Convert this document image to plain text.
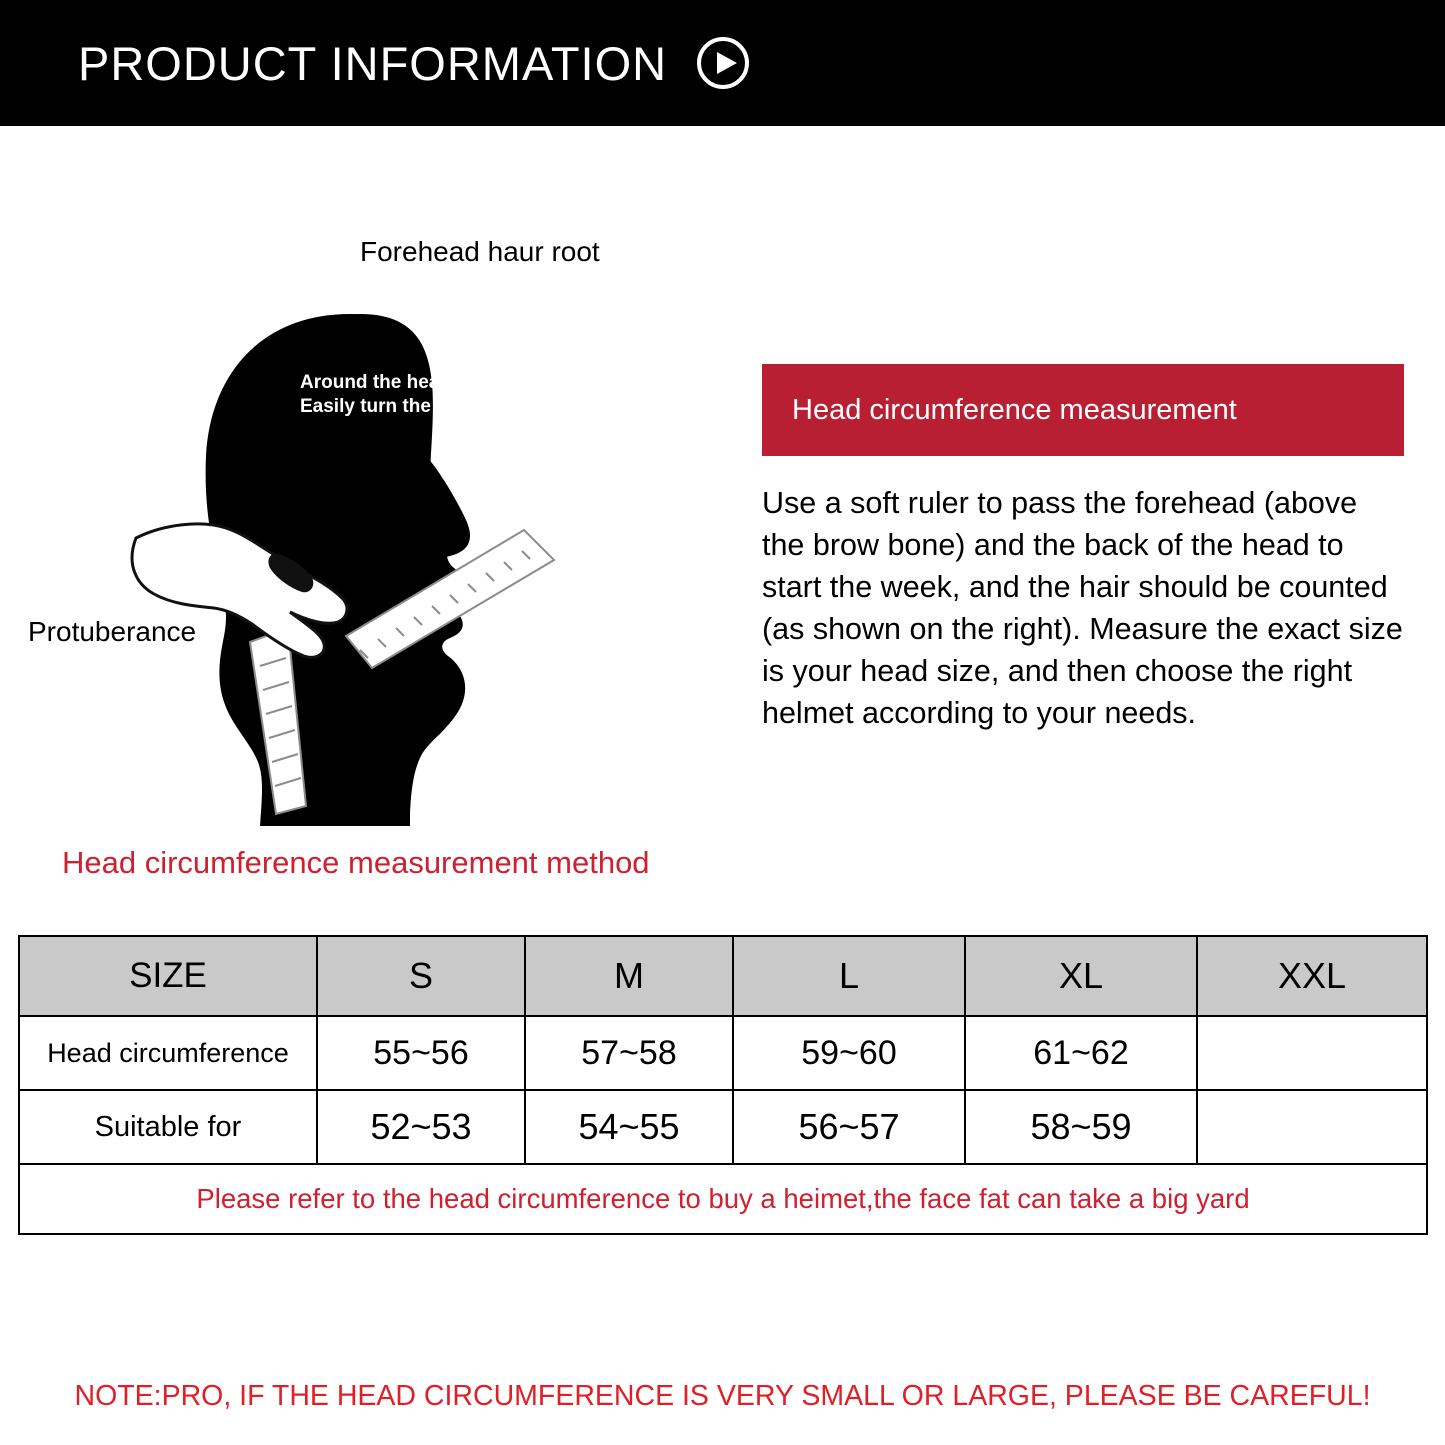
PRODUCT INFORMATION
Forehead haur root
Protuberance
Around the head
Easily turn the tape ruler	Head circumference measurement
Use a soft ruler to pass the forehead (above the brow bone) and the back of the head to start the week, and the hair should be counted (as shown on the right). Measure the exact size is your head size, and then choose the right helmet according to your needs.
Head circumference measurement method
SIZE	S	M	L	XL	XXL
Head circumference	55~56	57~58	59~60	61~62	
Suitable for	52~53	54~55	56~57	58~59	
Please refer to the head circumference to buy a heimet,the face fat can take a big yard					
NOTE:PRO, IF THE HEAD CIRCUMFERENCE IS VERY SMALL OR LARGE, PLEASE BE CAREFUL!
